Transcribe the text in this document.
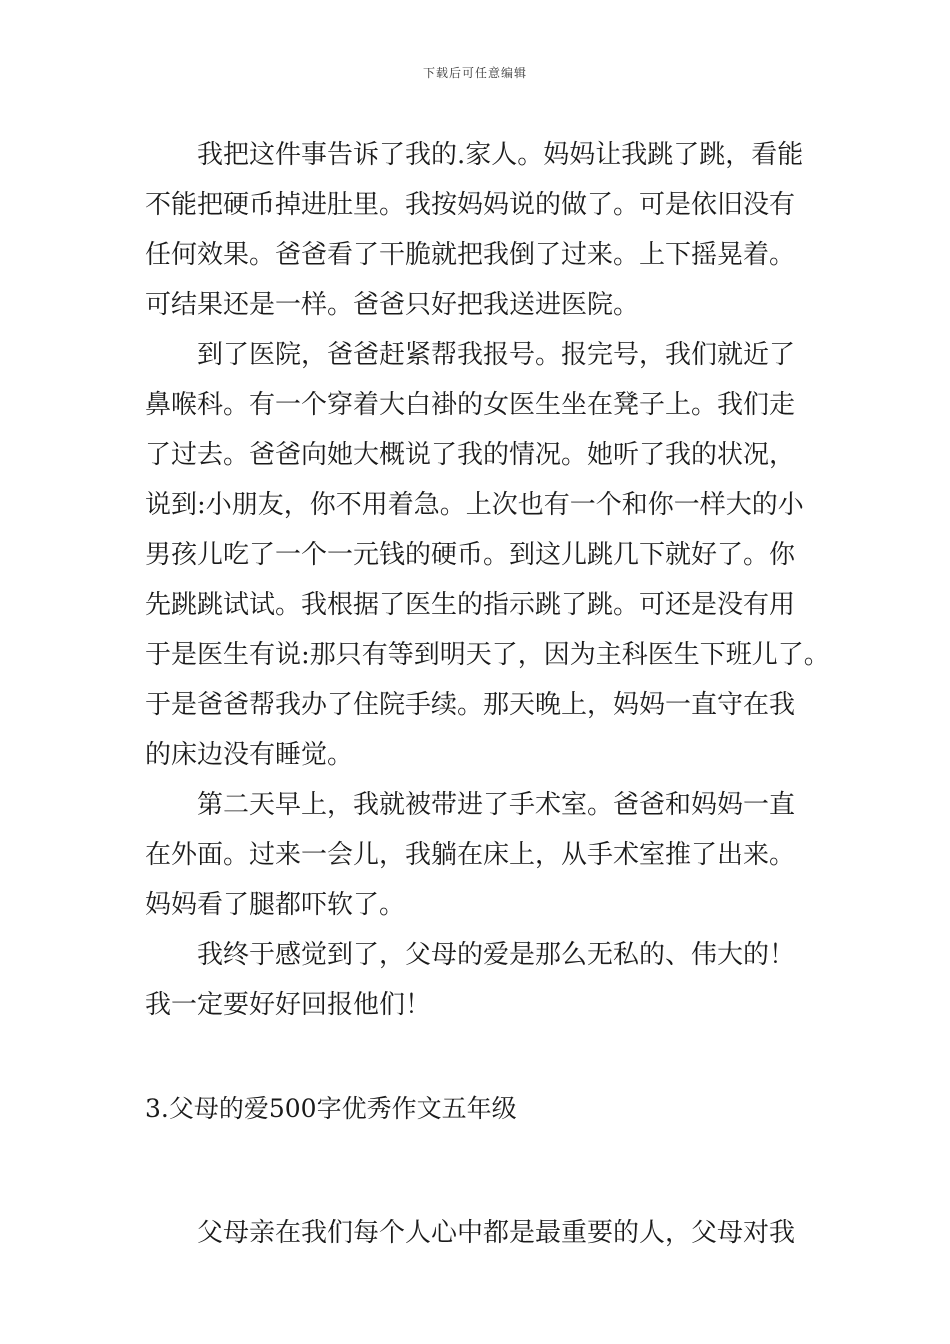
下载后可任意编辑
我把这件事告诉了我的.家人。妈妈让我跳了跳，看能
不能把硬币掉进肚里。我按妈妈说的做了。可是依旧没有
任何效果。爸爸看了干脆就把我倒了过来。上下摇晃着。
可结果还是一样。爸爸只好把我送进医院。
到了医院，爸爸赶紧帮我报号。报完号，我们就近了
鼻喉科。有一个穿着大白褂的女医生坐在凳子上。我们走
了过去。爸爸向她大概说了我的情况。她听了我的状况，
说到:小朋友，你不用着急。上次也有一个和你一样大的小
男孩儿吃了一个一元钱的硬币。到这儿跳几下就好了。你
先跳跳试试。我根据了医生的指示跳了跳。可还是没有用
于是医生有说:那只有等到明天了，因为主科医生下班儿了。
于是爸爸帮我办了住院手续。那天晚上，妈妈一直守在我
的床边没有睡觉。
第二天早上，我就被带进了手术室。爸爸和妈妈一直
在外面。过来一会儿，我躺在床上，从手术室推了出来。
妈妈看了腿都吓软了。
我终于感觉到了，父母的爱是那么无私的、伟大的！
我一定要好好回报他们！
3.父母的爱500字优秀作文五年级
父母亲在我们每个人心中都是最重要的人，父母对我
